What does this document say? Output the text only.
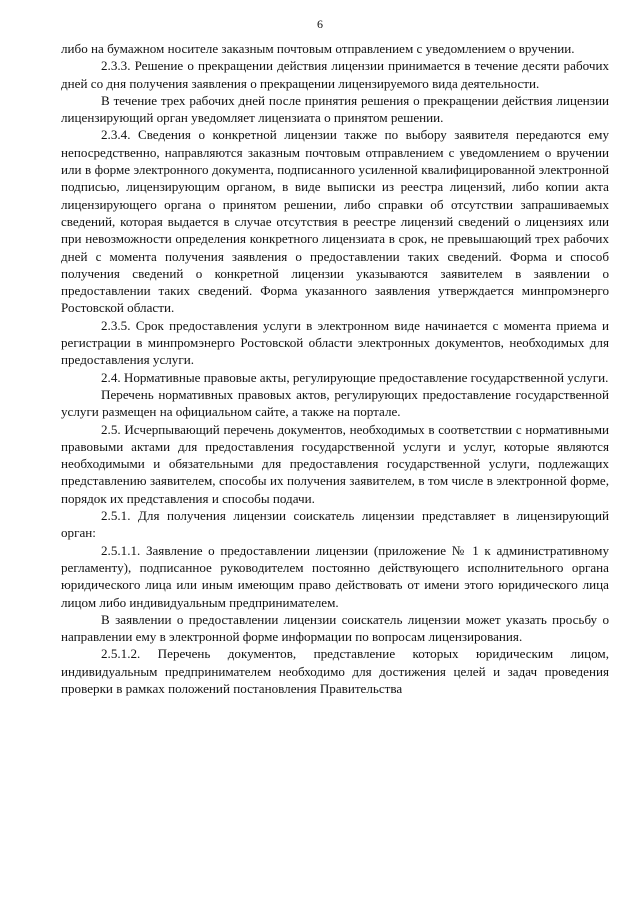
6

либо на бумажном носителе заказным почтовым отправлением с уведомлением о вручении.

2.3.3. Решение о прекращении действия лицензии принимается в течение десяти рабочих дней со дня получения заявления о прекращении лицензируемого вида деятельности.

В течение трех рабочих дней после принятия решения о прекращении действия лицензии лицензирующий орган уведомляет лицензиата о принятом решении.

2.3.4. Сведения о конкретной лицензии также по выбору заявителя передаются ему непосредственно, направляются заказным почтовым отправлением с уведомлением о вручении или в форме электронного документа, подписанного усиленной квалифицированной электронной подписью, лицензирующим органом, в виде выписки из реестра лицензий, либо копии акта лицензирующего органа о принятом решении, либо справки об отсутствии запрашиваемых сведений, которая выдается в случае отсутствия в реестре лицензий сведений о лицензиях или при невозможности определения конкретного лицензиата в срок, не превышающий трех рабочих дней с момента получения заявления о предоставлении таких сведений. Форма и способ получения сведений о конкретной лицензии указываются заявителем в заявлении о предоставлении таких сведений. Форма указанного заявления утверждается минпромэнерго Ростовской области.

2.3.5. Срок предоставления услуги в электронном виде начинается с момента приема и регистрации в минпромэнерго Ростовской области электронных документов, необходимых для предоставления услуги.

2.4. Нормативные правовые акты, регулирующие предоставление государственной услуги.

Перечень нормативных правовых актов, регулирующих предоставление государственной услуги размещен на официальном сайте, а также на портале.

2.5. Исчерпывающий перечень документов, необходимых в соответствии с нормативными правовыми актами для предоставления государственной услуги и услуг, которые являются необходимыми и обязательными для предоставления государственной услуги, подлежащих представлению заявителем, способы их получения заявителем, в том числе в электронной форме, порядок их представления и способы подачи.

2.5.1. Для получения лицензии соискатель лицензии представляет в лицензирующий орган:

2.5.1.1. Заявление о предоставлении лицензии (приложение № 1 к административному регламенту), подписанное руководителем постоянно действующего исполнительного органа юридического лица или иным имеющим право действовать от имени этого юридического лица лицом либо индивидуальным предпринимателем.

В заявлении о предоставлении лицензии соискатель лицензии может указать просьбу о направлении ему в электронной форме информации по вопросам лицензирования.

2.5.1.2. Перечень документов, представление которых юридическим лицом, индивидуальным предпринимателем необходимо для достижения целей и задач проведения проверки в рамках положений постановления Правительства
